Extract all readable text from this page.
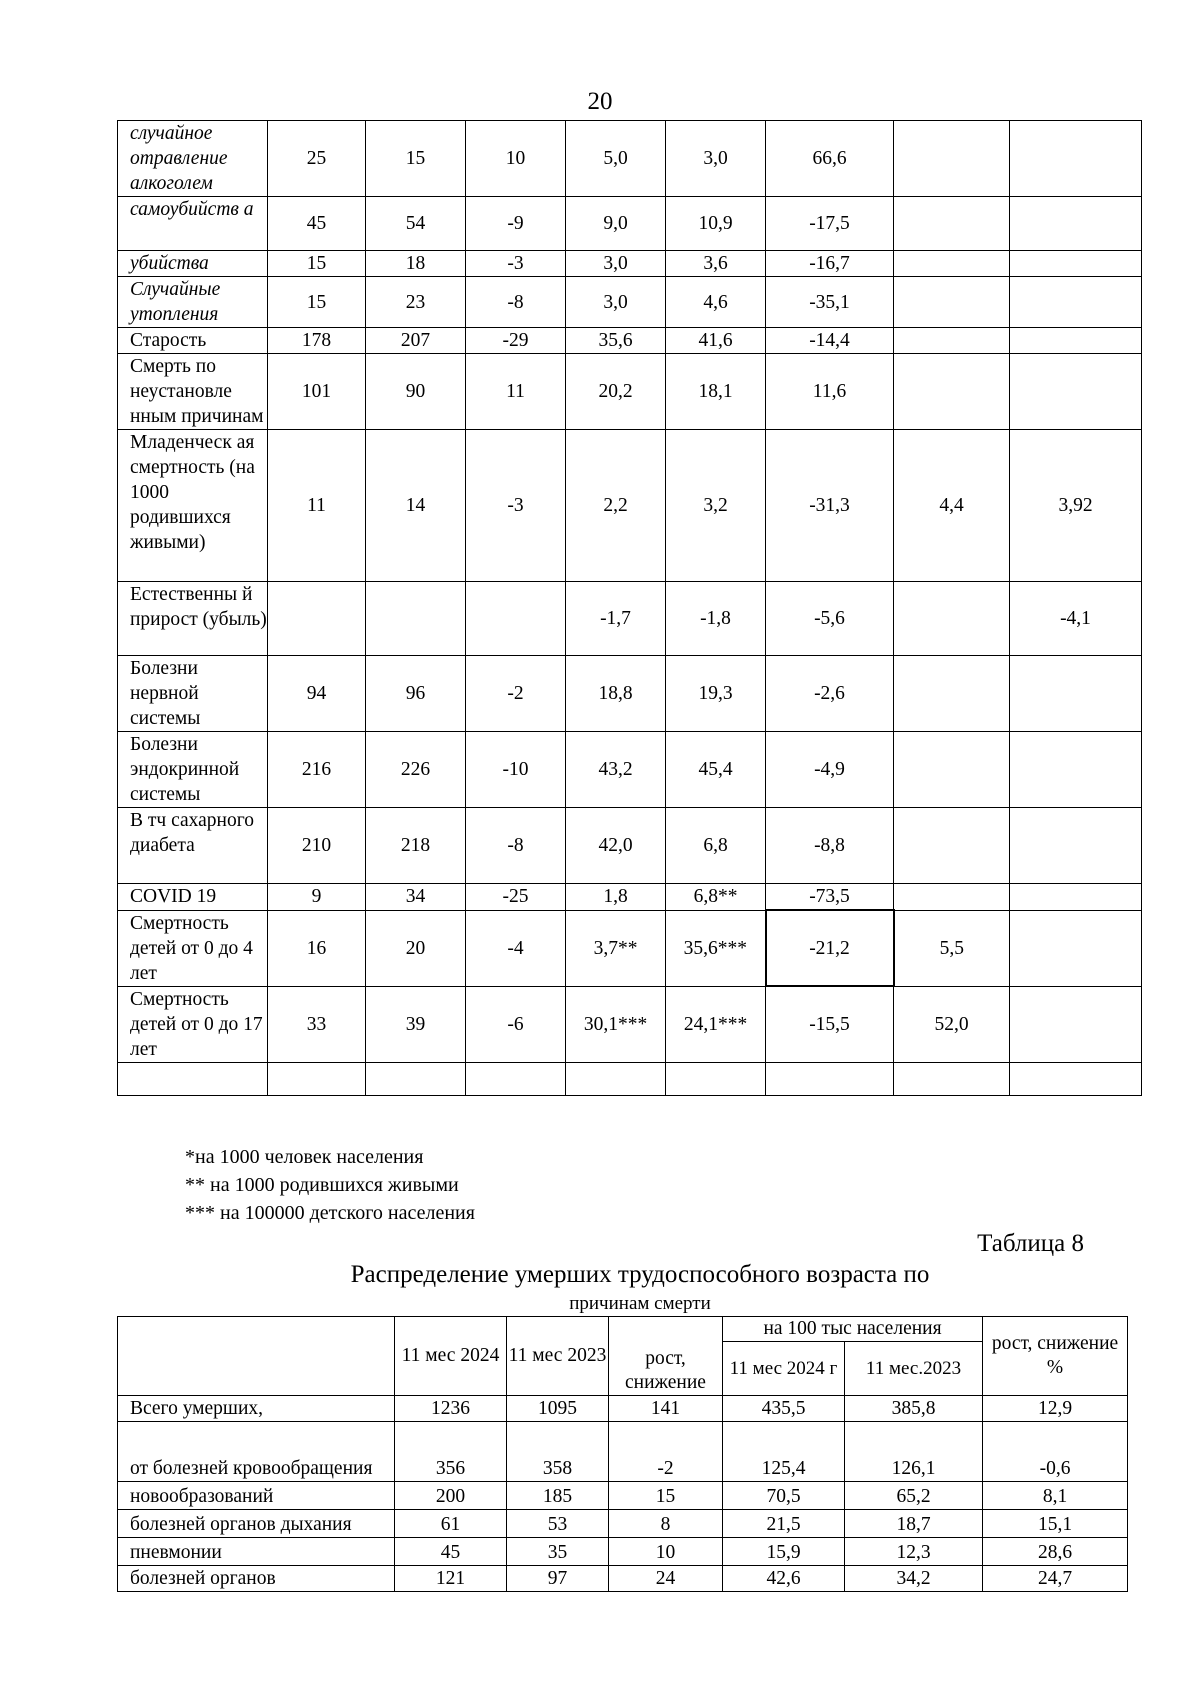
20
случайное отравление алкоголем	25	15	10	5,0	3,0	66,6		
самоубийств а	45	54	-9	9,0	10,9	-17,5		
убийства	15	18	-3	3,0	3,6	-16,7		
Случайные утопления	15	23	-8	3,0	4,6	-35,1		
Старость	178	207	-29	35,6	41,6	-14,4		
Смерть по неустановле нным причинам	101	90	11	20,2	18,1	11,6		
Младенческ ая смертность (на 1000 родившихся живыми)	11	14	-3	2,2	3,2	-31,3	4,4	3,92
Естественны й прирост (убыль)				-1,7	-1,8	-5,6		-4,1
Болезни нервной системы	94	96	-2	18,8	19,3	-2,6		
Болезни эндокринной системы	216	226	-10	43,2	45,4	-4,9		
В тч сахарного диабета	210	218	-8	42,0	6,8	-8,8		
COVID 19	9	34	-25	1,8	6,8**	-73,5		
Смертность детей от 0 до 4 лет	16	20	-4	3,7**	35,6***	-21,2	5,5	
Смертность детей от 0 до 17 лет	33	39	-6	30,1***	24,1***	-15,5	52,0	

*на 1000 человек населения
** на 1000 родившихся живыми
*** на 100000 детского населения
Таблица 8
Распределение умерших трудоспособного возраста по
причинам смерти
	11 мес 2024	11 мес 2023	рост, снижение	на 100 тыс населения		рост, снижение %
				11 мес 2024 г	11 мес.2023	
Всего умерших,	1236	1095	141	435,5	385,8	12,9
от болезней кровообращения	356	358	-2	125,4	126,1	-0,6
новообразований	200	185	15	70,5	65,2	8,1
болезней органов дыхания	61	53	8	21,5	18,7	15,1
пневмонии	45	35	10	15,9	12,3	28,6
болезней органов	121	97	24	42,6	34,2	24,7
